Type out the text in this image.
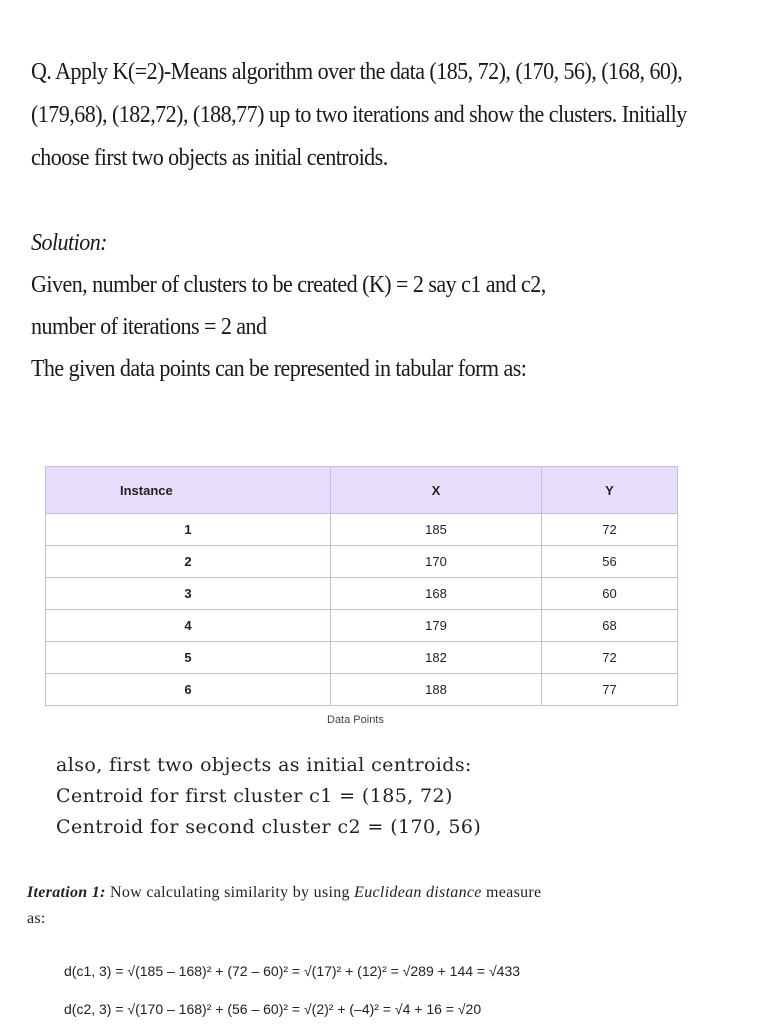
Q. Apply K(=2)-Means algorithm over the data (185, 72), (170, 56), (168, 60),
(179,68), (182,72), (188,77) up to two iterations and show the clusters. Initially
choose first two objects as initial centroids.
Solution:
Given, number of clusters to be created (K) = 2 say c1 and c2,
number of iterations = 2 and
The given data points can be represented in tabular form as:
Instance	X	Y
1	185	72
2	170	56
3	168	60
4	179	68
5	182	72
6	188	77
Data Points
also, first two objects as initial centroids:
Centroid for first cluster c1 = (185, 72)
Centroid for second cluster c2 = (170, 56)
Iteration 1: Now calculating similarity by using Euclidean distance measure
as:
d(c1, 3) = √(185 – 168)² + (72 – 60)² = √(17)² + (12)² = √289 + 144 = √433
d(c2, 3) = √(170 – 168)² + (56 – 60)² = √(2)² + (–4)² = √4 + 16 = √20
